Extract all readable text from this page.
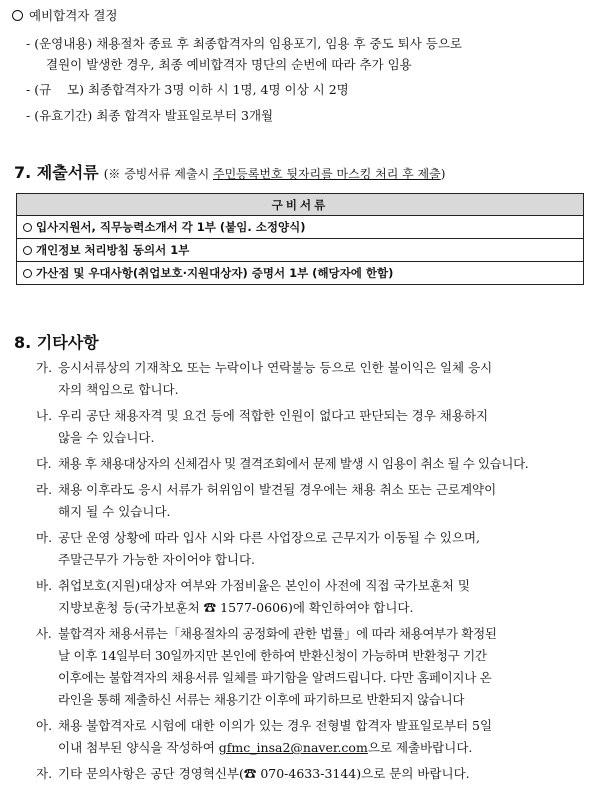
예비합격자 결정
- (운영내용) 채용절차 종료 후 최종합격자의 임용포기, 임용 후 중도 퇴사 등으로
결원이 발생한 경우, 최종 예비합격자 명단의 순번에 따라 추가 임용
- (규    모) 최종합격자가 3명 이하 시 1명, 4명 이상 시 2명
- (유효기간) 최종 합격자 발표일로부터 3개월
7. 제출서류 (※ 증빙서류 제출시 주민등록번호 뒷자리를 마스킹 처리 후 제출)
구비서류
입사지원서, 직무능력소개서 각 1부 (붙임. 소정양식)
개인정보 처리방침 동의서 1부
가산점 및 우대사항(취업보호·지원대상자) 증명서 1부 (해당자에 한함)
8. 기타사항
가. 응시서류상의 기재착오 또는 누락이나 연락불능 등으로 인한 불이익은 일체 응시
자의 책임으로 합니다.
나. 우리 공단 채용자격 및 요건 등에 적합한 인원이 없다고 판단되는 경우 채용하지
않을 수 있습니다.
다. 채용 후 채용대상자의 신체검사 및 결격조회에서 문제 발생 시 임용이 취소 될 수 있습니다.
라. 채용 이후라도 응시 서류가 허위임이 발견될 경우에는 채용 취소 또는 근로계약이
해지 될 수 있습니다.
마. 공단 운영 상황에 따라 입사 시와 다른 사업장으로 근무지가 이동될 수 있으며,
주말근무가 가능한 자이어야 합니다.
바. 취업보호(지원)대상자 여부와 가점비율은 본인이 사전에 직접 국가보훈처 및
지방보훈청 등(국가보훈처 ☎ 1577-0606)에 확인하여야 합니다.
사. 불합격자 채용서류는「채용절차의 공정화에 관한 법률」에 따라 채용여부가 확정된
날 이후 14일부터 30일까지만 본인에 한하여 반환신청이 가능하며 반환청구 기간
이후에는 불합격자의 채용서류 일체를 파기함을 알려드립니다. 다만 홈페이지나 온
라인을 통해 제출하신 서류는 채용기간 이후에 파기하므로 반환되지 않습니다
아. 채용 불합격자로 시험에 대한 이의가 있는 경우 전형별 합격자 발표일로부터 5일
이내 첨부된 양식을 작성하여 gfmc_insa2@naver.com으로 제출바랍니다.
자. 기타 문의사항은 공단 경영혁신부(☎ 070-4633-3144)으로 문의 바랍니다.
